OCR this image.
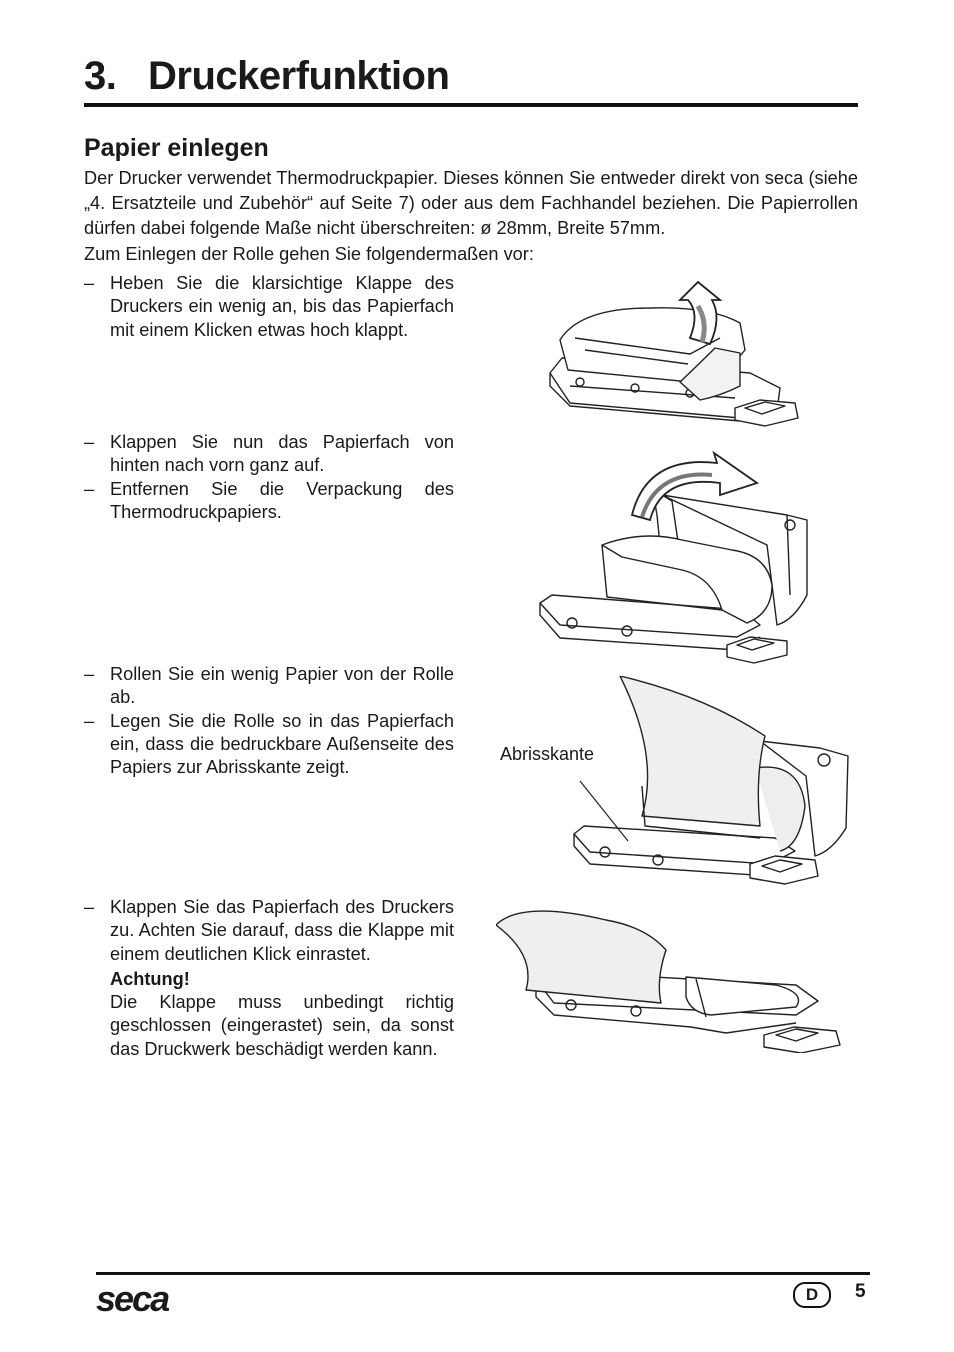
3. Druckerfunktion
Papier einlegen

Der Drucker verwendet Thermodruckpapier. Dieses können Sie entweder direkt von seca (siehe „4. Ersatzteile und Zubehör“ auf Seite 7) oder aus dem Fachhandel beziehen. Die Papierrollen dürfen dabei folgende Maße nicht überschreiten: ø 28mm, Breite 57mm.

Zum Einlegen der Rolle gehen Sie folgendermaßen vor:

– Heben Sie die klarsichtige Klappe des Druckers ein wenig an, bis das Papierfach mit einem Klicken etwas hoch klappt.
– Klappen Sie nun das Papierfach von hinten nach vorn ganz auf.
– Entfernen Sie die Verpackung des Thermodruckpapiers.
– Rollen Sie ein wenig Papier von der Rolle ab.
– Legen Sie die Rolle so in das Papierfach ein, dass die bedruckbare Außenseite des Papiers zur Abrisskante zeigt.
– Klappen Sie das Papierfach des Druckers zu. Achten Sie darauf, dass die Klappe mit einem deutlichen Klick einrastet.
Achtung!
Die Klappe muss unbedingt richtig geschlossen (eingerastet) sein, da sonst das Druckwerk beschädigt werden kann.
Abrisskante
seca	D	5
